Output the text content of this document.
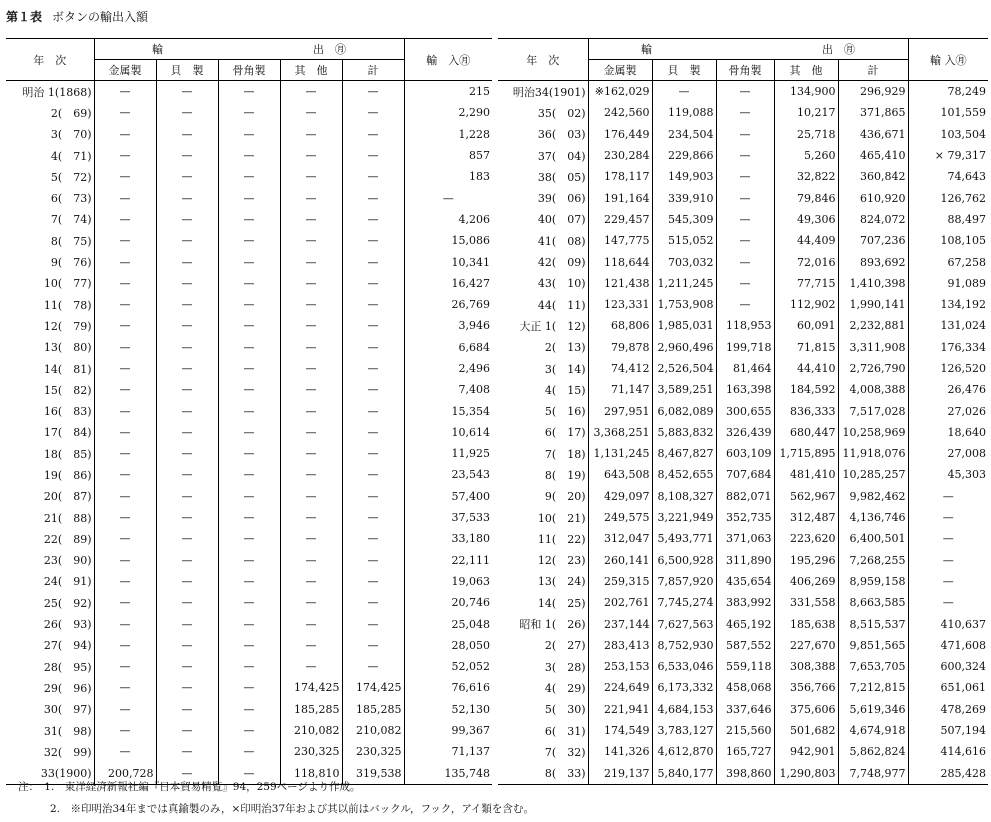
第１表 ボタンの輸出入額
年　次	輸 出　㊊					輸　入㊊
	金属製	貝　製	骨角製	其　他	計	
明治 1(1868)	—	—	—	—	—	215
2(　69)	—	—	—	—	—	2,290
3(　70)	—	—	—	—	—	1,228
4(　71)	—	—	—	—	—	857
5(　72)	—	—	—	—	—	183
6(　73)	—	—	—	—	—	—
7(　74)	—	—	—	—	—	4,206
8(　75)	—	—	—	—	—	15,086
9(　76)	—	—	—	—	—	10,341
10(　77)	—	—	—	—	—	16,427
11(　78)	—	—	—	—	—	26,769
12(　79)	—	—	—	—	—	3,946
13(　80)	—	—	—	—	—	6,684
14(　81)	—	—	—	—	—	2,496
15(　82)	—	—	—	—	—	7,408
16(　83)	—	—	—	—	—	15,354
17(　84)	—	—	—	—	—	10,614
18(　85)	—	—	—	—	—	11,925
19(　86)	—	—	—	—	—	23,543
20(　87)	—	—	—	—	—	57,400
21(　88)	—	—	—	—	—	37,533
22(　89)	—	—	—	—	—	33,180
23(　90)	—	—	—	—	—	22,111
24(　91)	—	—	—	—	—	19,063
25(　92)	—	—	—	—	—	20,746
26(　93)	—	—	—	—	—	25,048
27(　94)	—	—	—	—	—	28,050
28(　95)	—	—	—	—	—	52,052
29(　96)	—	—	—	174,425	174,425	76,616
30(　97)	—	—	—	185,285	185,285	52,130
31(　98)	—	—	—	210,082	210,082	99,367
32(　99)	—	—	—	230,325	230,325	71,137
33(1900)	200,728	—	—	118,810	319,538	135,748
年　次	輸 出　㊊					輸 入㊊
	金属製	貝　製	骨角製	其　他	計	
明治34(1901)	※162,029	—	—	134,900	296,929	78,249
35(　02)	242,560	119,088	—	10,217	371,865	101,559
36(　03)	176,449	234,504	—	25,718	436,671	103,504
37(　04)	230,284	229,866	—	5,260	465,410	× 79,317
38(　05)	178,117	149,903	—	32,822	360,842	74,643
39(　06)	191,164	339,910	—	79,846	610,920	126,762
40(　07)	229,457	545,309	—	49,306	824,072	88,497
41(　08)	147,775	515,052	—	44,409	707,236	108,105
42(　09)	118,644	703,032	—	72,016	893,692	67,258
43(　10)	121,438	1,211,245	—	77,715	1,410,398	91,089
44(　11)	123,331	1,753,908	—	112,902	1,990,141	134,192
大正 1(　12)	68,806	1,985,031	118,953	60,091	2,232,881	131,024
2(　13)	79,878	2,960,496	199,718	71,815	3,311,908	176,334
3(　14)	74,412	2,526,504	81,464	44,410	2,726,790	126,520
4(　15)	71,147	3,589,251	163,398	184,592	4,008,388	26,476
5(　16)	297,951	6,082,089	300,655	836,333	7,517,028	27,026
6(　17)	3,368,251	5,883,832	326,439	680,447	10,258,969	18,640
7(　18)	1,131,245	8,467,827	603,109	1,715,895	11,918,076	27,008
8(　19)	643,508	8,452,655	707,684	481,410	10,285,257	45,303
9(　20)	429,097	8,108,327	882,071	562,967	9,982,462	—
10(　21)	249,575	3,221,949	352,735	312,487	4,136,746	—
11(　22)	312,047	5,493,771	371,063	223,620	6,400,501	—
12(　23)	260,141	6,500,928	311,890	195,296	7,268,255	—
13(　24)	259,315	7,857,920	435,654	406,269	8,959,158	—
14(　25)	202,761	7,745,274	383,992	331,558	8,663,585	—
昭和 1(　26)	237,144	7,627,563	465,192	185,638	8,515,537	410,637
2(　27)	283,413	8,752,930	587,552	227,670	9,851,565	471,608
3(　28)	253,153	6,533,046	559,118	308,388	7,653,705	600,324
4(　29)	224,649	6,173,332	458,068	356,766	7,212,815	651,061
5(　30)	221,941	4,684,153	337,646	375,606	5,619,346	478,269
6(　31)	174,549	3,783,127	215,560	501,682	4,674,918	507,194
7(　32)	141,326	4,612,870	165,727	942,901	5,862,824	414,616
8(　33)	219,137	5,840,177	398,860	1,290,803	7,748,977	285,428
注：　1.　東洋経済新報社編『日本貿易精覧』94，259ページより作成。
2.　※印明治34年までは真鍮製のみ，×印明治37年および其以前はバックル，フック，アイ類を含む。
